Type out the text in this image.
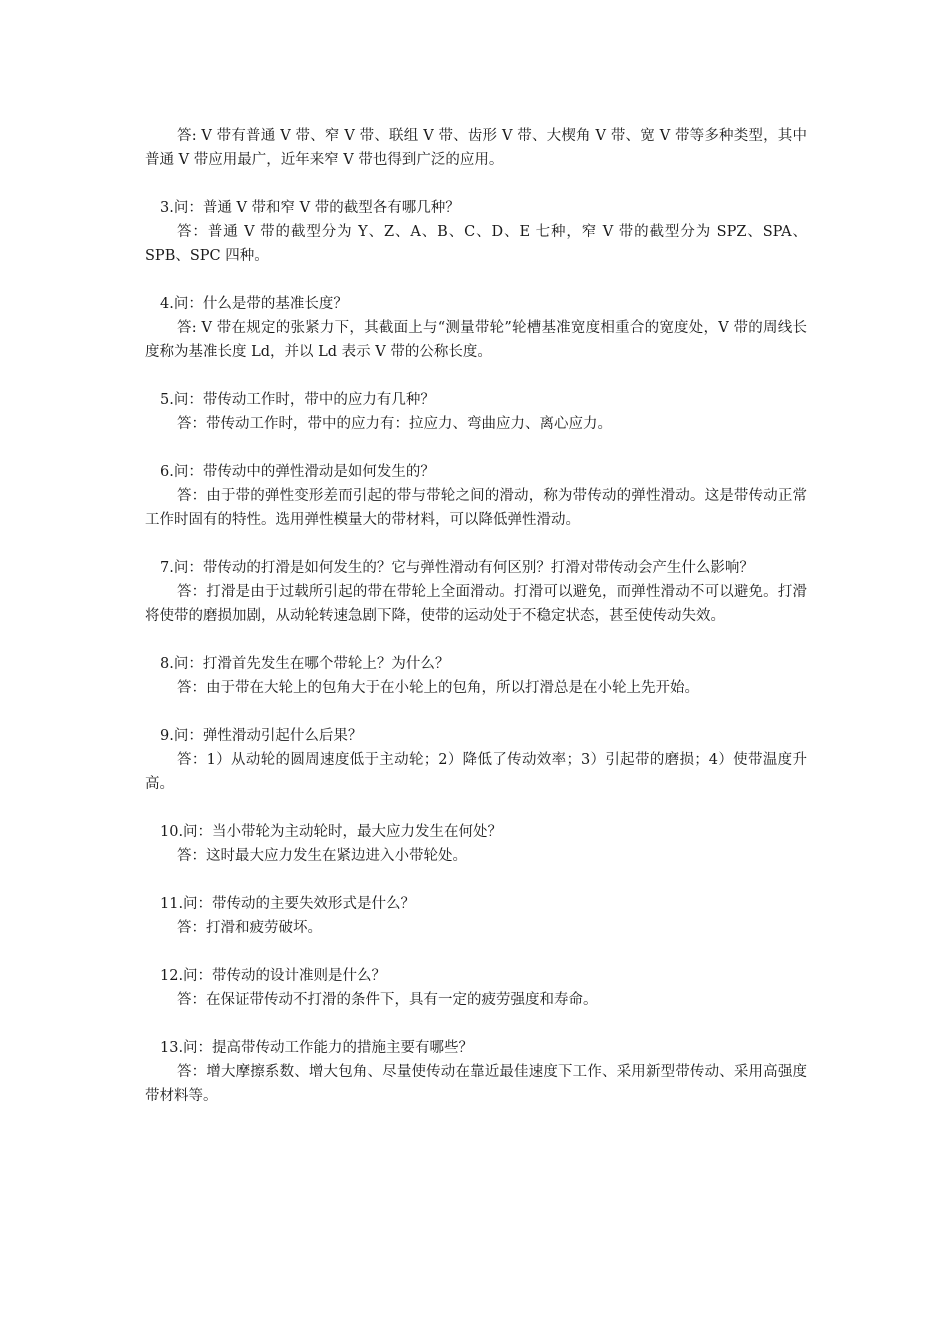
答: V 带有普通 V 带、窄 V 带、联组 V 带、齿形 V 带、大楔角 V 带、宽 V 带等多种类型，其中普通 V 带应用最广，近年来窄 V 带也得到广泛的应用。

3.问：普通 V 带和窄 V 带的截型各有哪几种？

答：普通 V 带的截型分为 Y、Z、A、B、C、D、E 七种，窄 V 带的截型分为 SPZ、SPA、SPB、SPC 四种。

4.问：什么是带的基准长度？

答: V 带在规定的张紧力下，其截面上与“测量带轮”轮槽基准宽度相重合的宽度处，V 带的周线长度称为基准长度 Ld，并以 Ld 表示 V 带的公称长度。

5.问：带传动工作时，带中的应力有几种？

答：带传动工作时，带中的应力有：拉应力、弯曲应力、离心应力。

6.问：带传动中的弹性滑动是如何发生的？

答：由于带的弹性变形差而引起的带与带轮之间的滑动，称为带传动的弹性滑动。这是带传动正常工作时固有的特性。选用弹性模量大的带材料，可以降低弹性滑动。

7.问：带传动的打滑是如何发生的？它与弹性滑动有何区别？打滑对带传动会产生什么影响？

答：打滑是由于过载所引起的带在带轮上全面滑动。打滑可以避免，而弹性滑动不可以避免。打滑将使带的磨损加剧，从动轮转速急剧下降，使带的运动处于不稳定状态，甚至使传动失效。

8.问：打滑首先发生在哪个带轮上？为什么？

答：由于带在大轮上的包角大于在小轮上的包角，所以打滑总是在小轮上先开始。

9.问：弹性滑动引起什么后果？

答：1）从动轮的圆周速度低于主动轮；2）降低了传动效率；3）引起带的磨损；4）使带温度升高。

10.问：当小带轮为主动轮时，最大应力发生在何处？

答：这时最大应力发生在紧边进入小带轮处。

11.问：带传动的主要失效形式是什么？

答：打滑和疲劳破坏。

12.问：带传动的设计准则是什么？

答：在保证带传动不打滑的条件下，具有一定的疲劳强度和寿命。

13.问：提高带传动工作能力的措施主要有哪些？

答：增大摩擦系数、增大包角、尽量使传动在靠近最佳速度下工作、采用新型带传动、采用高强度带材料等。
